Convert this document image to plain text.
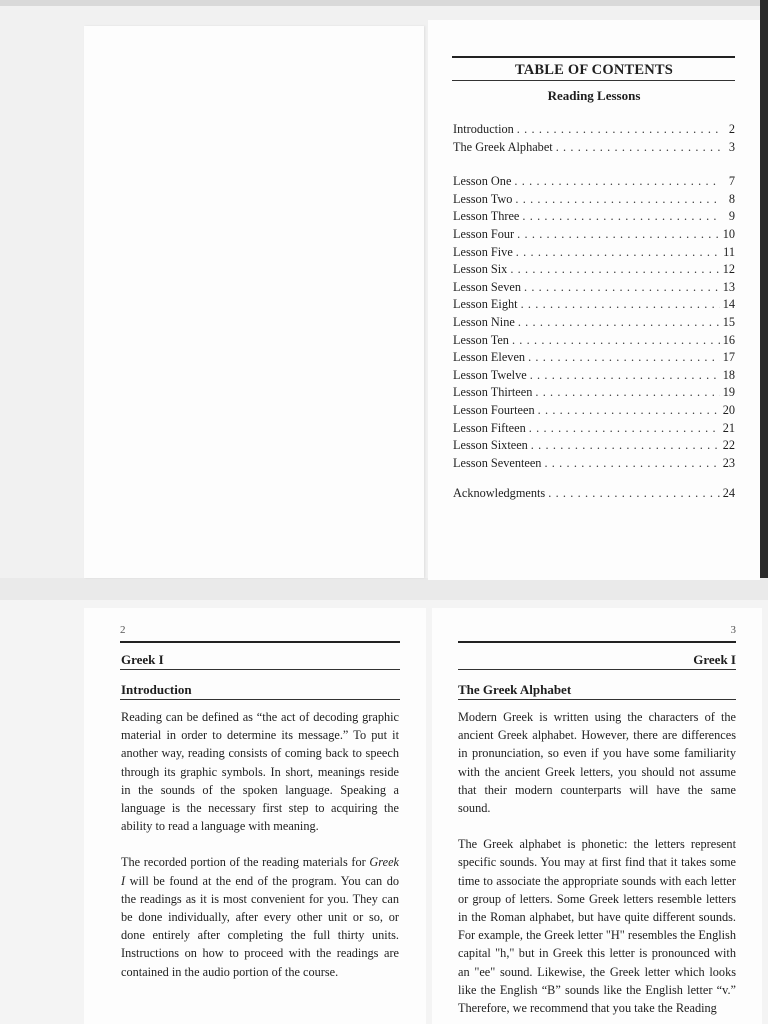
TABLE OF CONTENTS
Reading Lessons
Introduction . . .	2
The Greek Alphabet . . .	3
Lesson One . . .	7
Lesson Two . . .	8
Lesson Three . . .	9
Lesson Four . . .	10
Lesson Five . . .	11
Lesson Six . . .	12
Lesson Seven . . .	13
Lesson Eight . . .	14
Lesson Nine . . .	15
Lesson Ten . . .	16
Lesson Eleven . . .	17
Lesson Twelve . . .	18
Lesson Thirteen . . .	19
Lesson Fourteen . . .	20
Lesson Fifteen . . .	21
Lesson Sixteen . . .	22
Lesson Seventeen . . .	23
Acknowledgments . . .	24
2
Greek I
Introduction

Reading can be defined as “the act of decoding graphic material in order to determine its message.” To put it another way, reading consists of coming back to speech through its graphic symbols. In short, meanings reside in the sounds of the spoken language. Speaking a language is the necessary first step to acquiring the ability to read a language with meaning.

The recorded portion of the reading materials for Greek I will be found at the end of the program. You can do the readings as it is most convenient for you. They can be done individually, after every other unit or so, or done entirely after completing the full thirty units. Instructions on how to proceed with the readings are contained in the audio portion of the course.

3
Greek I
The Greek Alphabet

Modern Greek is written using the characters of the ancient Greek alphabet. However, there are differences in pronunciation, so even if you have some familiarity with the ancient Greek letters, you should not assume that their modern counterparts will have the same sound.

The Greek alphabet is phonetic: the letters represent specific sounds. You may at first find that it takes some time to associate the appropriate sounds with each letter or group of letters. Some Greek letters resemble letters in the Roman alphabet, but have quite different sounds. For example, the Greek letter "H" resembles the English capital "h," but in Greek this letter is pronounced with an "ee" sound. Likewise, the Greek letter which looks like the English “B” sounds like the English letter “v.” Therefore, we recommend that you take the Reading
